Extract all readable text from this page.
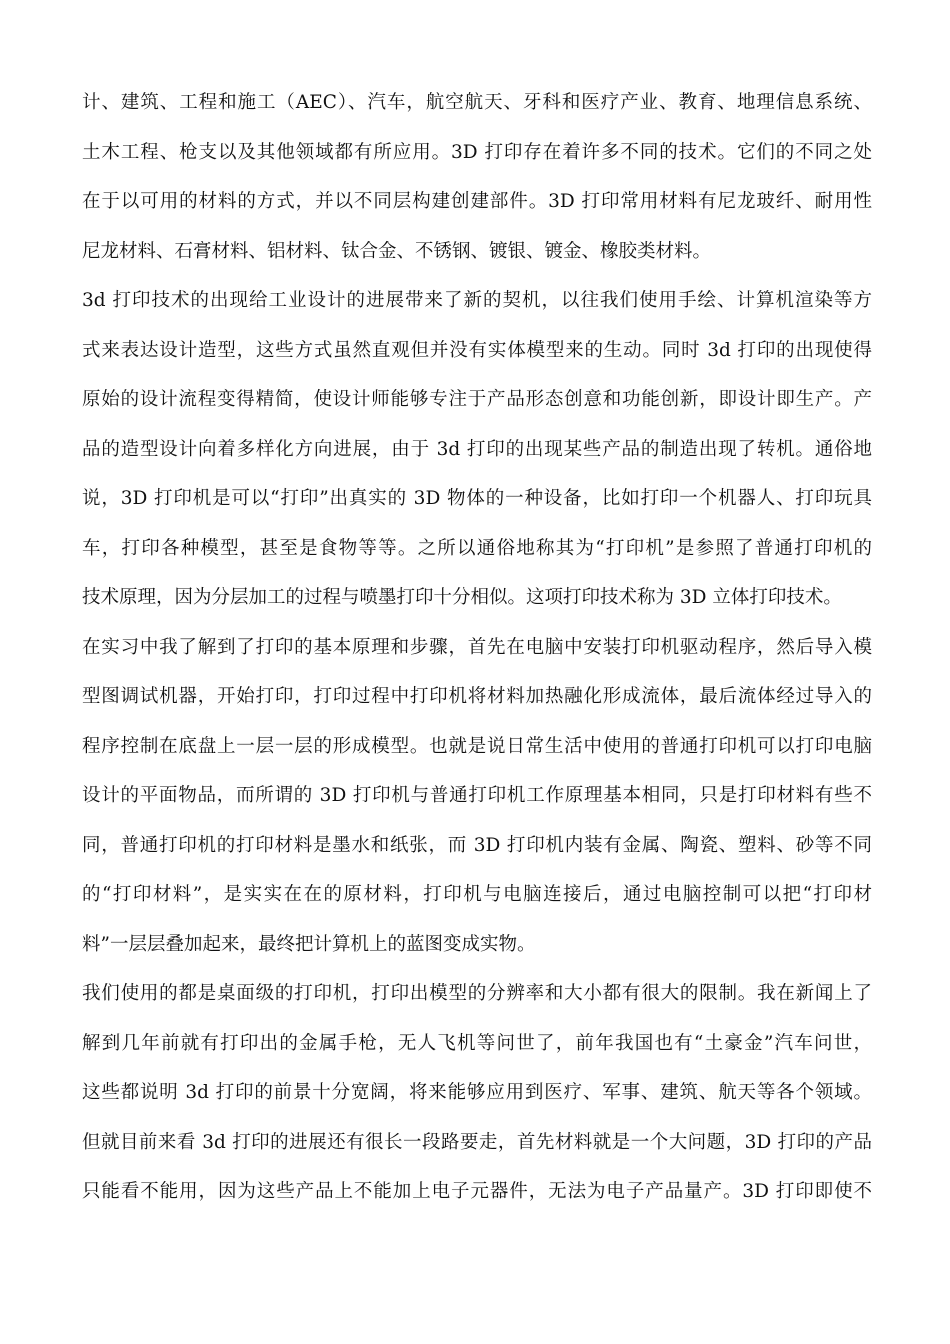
计、建筑、工程和施工（AEC）、汽车，航空航天、牙科和医疗产业、教育、地理信息系统、
土木工程、枪支以及其他领域都有所应用。3D 打印存在着许多不同的技术。它们的不同之处
在于以可用的材料的方式，并以不同层构建创建部件。3D 打印常用材料有尼龙玻纤、耐用性
尼龙材料、石膏材料、铝材料、钛合金、不锈钢、镀银、镀金、橡胶类材料。
3d 打印技术的出现给工业设计的进展带来了新的契机，以往我们使用手绘、计算机渲染等方
式来表达设计造型，这些方式虽然直观但并没有实体模型来的生动。同时 3d 打印的出现使得
原始的设计流程变得精简，使设计师能够专注于产品形态创意和功能创新，即设计即生产。产
品的造型设计向着多样化方向进展，由于 3d 打印的出现某些产品的制造出现了转机。通俗地
说，3D 打印机是可以“打印”出真实的 3D 物体的一种设备，比如打印一个机器人、打印玩具
车，打印各种模型，甚至是食物等等。之所以通俗地称其为“打印机”是参照了普通打印机的
技术原理，因为分层加工的过程与喷墨打印十分相似。这项打印技术称为 3D 立体打印技术。
在实习中我了解到了打印的基本原理和步骤，首先在电脑中安装打印机驱动程序，然后导入模
型图调试机器，开始打印，打印过程中打印机将材料加热融化形成流体，最后流体经过导入的
程序控制在底盘上一层一层的形成模型。也就是说日常生活中使用的普通打印机可以打印电脑
设计的平面物品，而所谓的 3D 打印机与普通打印机工作原理基本相同，只是打印材料有些不
同，普通打印机的打印材料是墨水和纸张，而 3D 打印机内装有金属、陶瓷、塑料、砂等不同
的“打印材料”，是实实在在的原材料，打印机与电脑连接后，通过电脑控制可以把“打印材
料”一层层叠加起来，最终把计算机上的蓝图变成实物。
我们使用的都是桌面级的打印机，打印出模型的分辨率和大小都有很大的限制。我在新闻上了
解到几年前就有打印出的金属手枪，无人飞机等问世了，前年我国也有“土豪金”汽车问世，
这些都说明 3d 打印的前景十分宽阔，将来能够应用到医疗、军事、建筑、航天等各个领域。
但就目前来看 3d 打印的进展还有很长一段路要走，首先材料就是一个大问题，3D 打印的产品
只能看不能用，因为这些产品上不能加上电子元器件，无法为电子产品量产。3D 打印即使不
